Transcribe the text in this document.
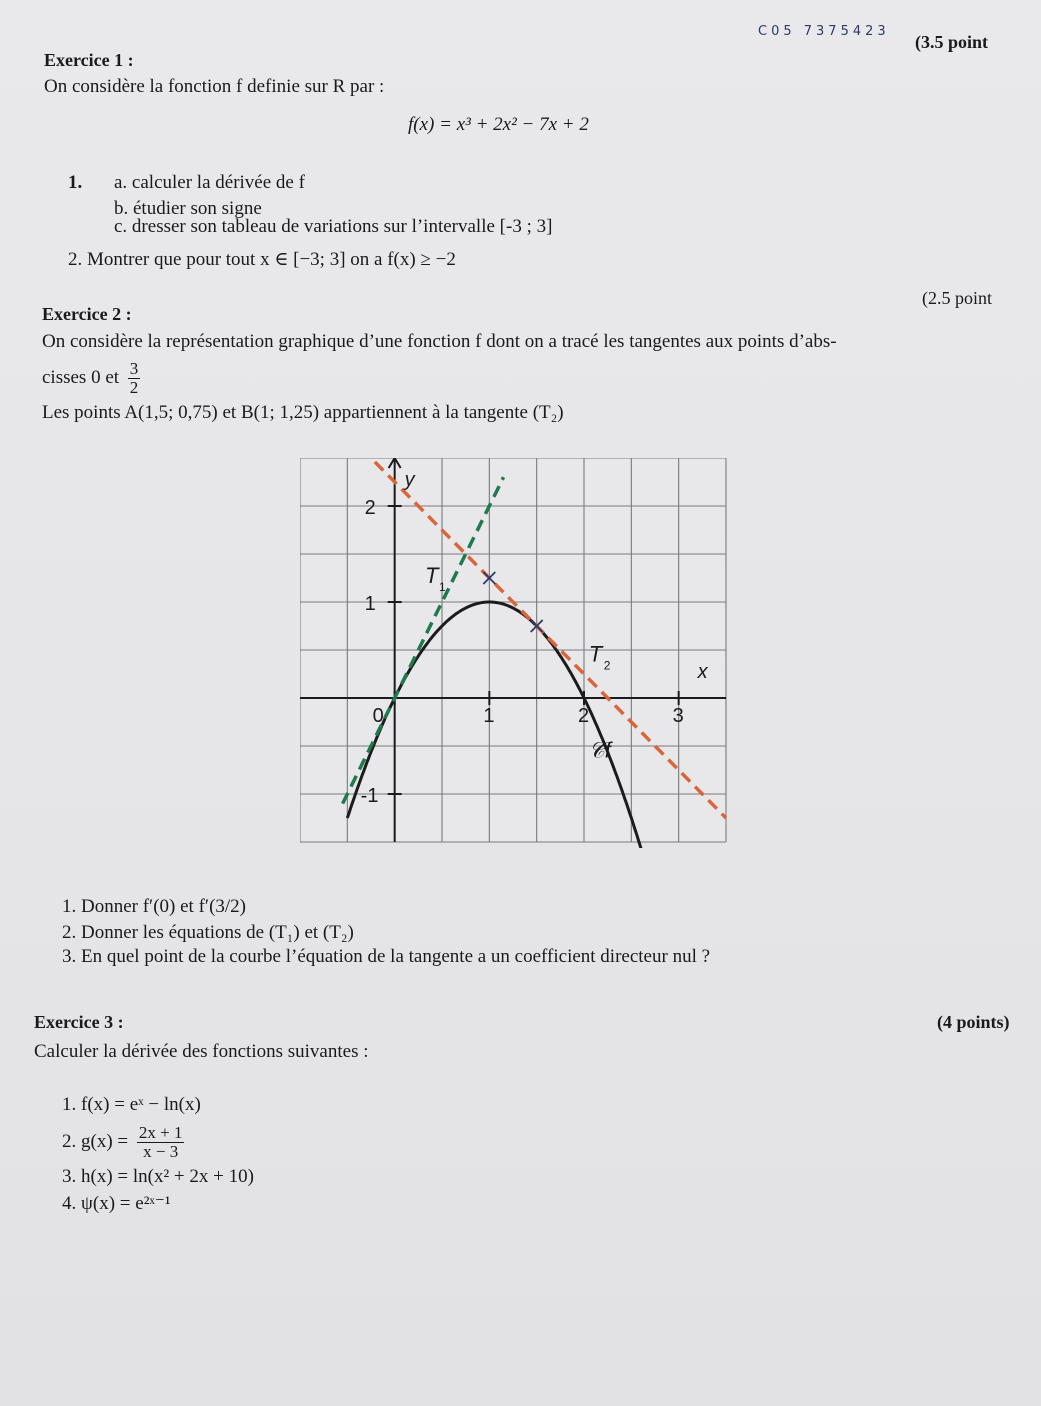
C05 7375423
(3.5 point
Exercice 1 :
On considère la fonction f definie sur R par :
f(x) = x³ + 2x² − 7x + 2
1. a. calculer la dérivée de f
b. étudier son signe
c. dresser son tableau de variations sur l’intervalle [-3 ; 3]
2. Montrer que pour tout x ∈ [−3; 3] on a f(x) ≥ −2
(2.5 point
Exercice 2 :
On considère la représentation graphique d’une fonction f dont on a tracé les tangentes aux points d’abs-
cisses 0 et $\frac{3}{2}$
Les points A(1,5; 0,75) et B(1; 1,25) appartiennent à la tangente (T₂)
0	1	2	3
-1
1
2
y
x
T 1
T 2
𝒞f
1. Donner f′(0) et f′(3/2)
2. Donner les équations de (T₁) et (T₂)
3. En quel point de la courbe l’équation de la tangente a un coefficient directeur nul ?
Exercice 3 :	(4 points)
Calculer la dérivée des fonctions suivantes :
1. f(x) = eˣ − ln(x)
2. $g(x) = \frac{2x + 1}{x - 3}$
3. h(x) = ln(x² + 2x + 10)
4. ψ(x) = e²ˣ⁻¹
